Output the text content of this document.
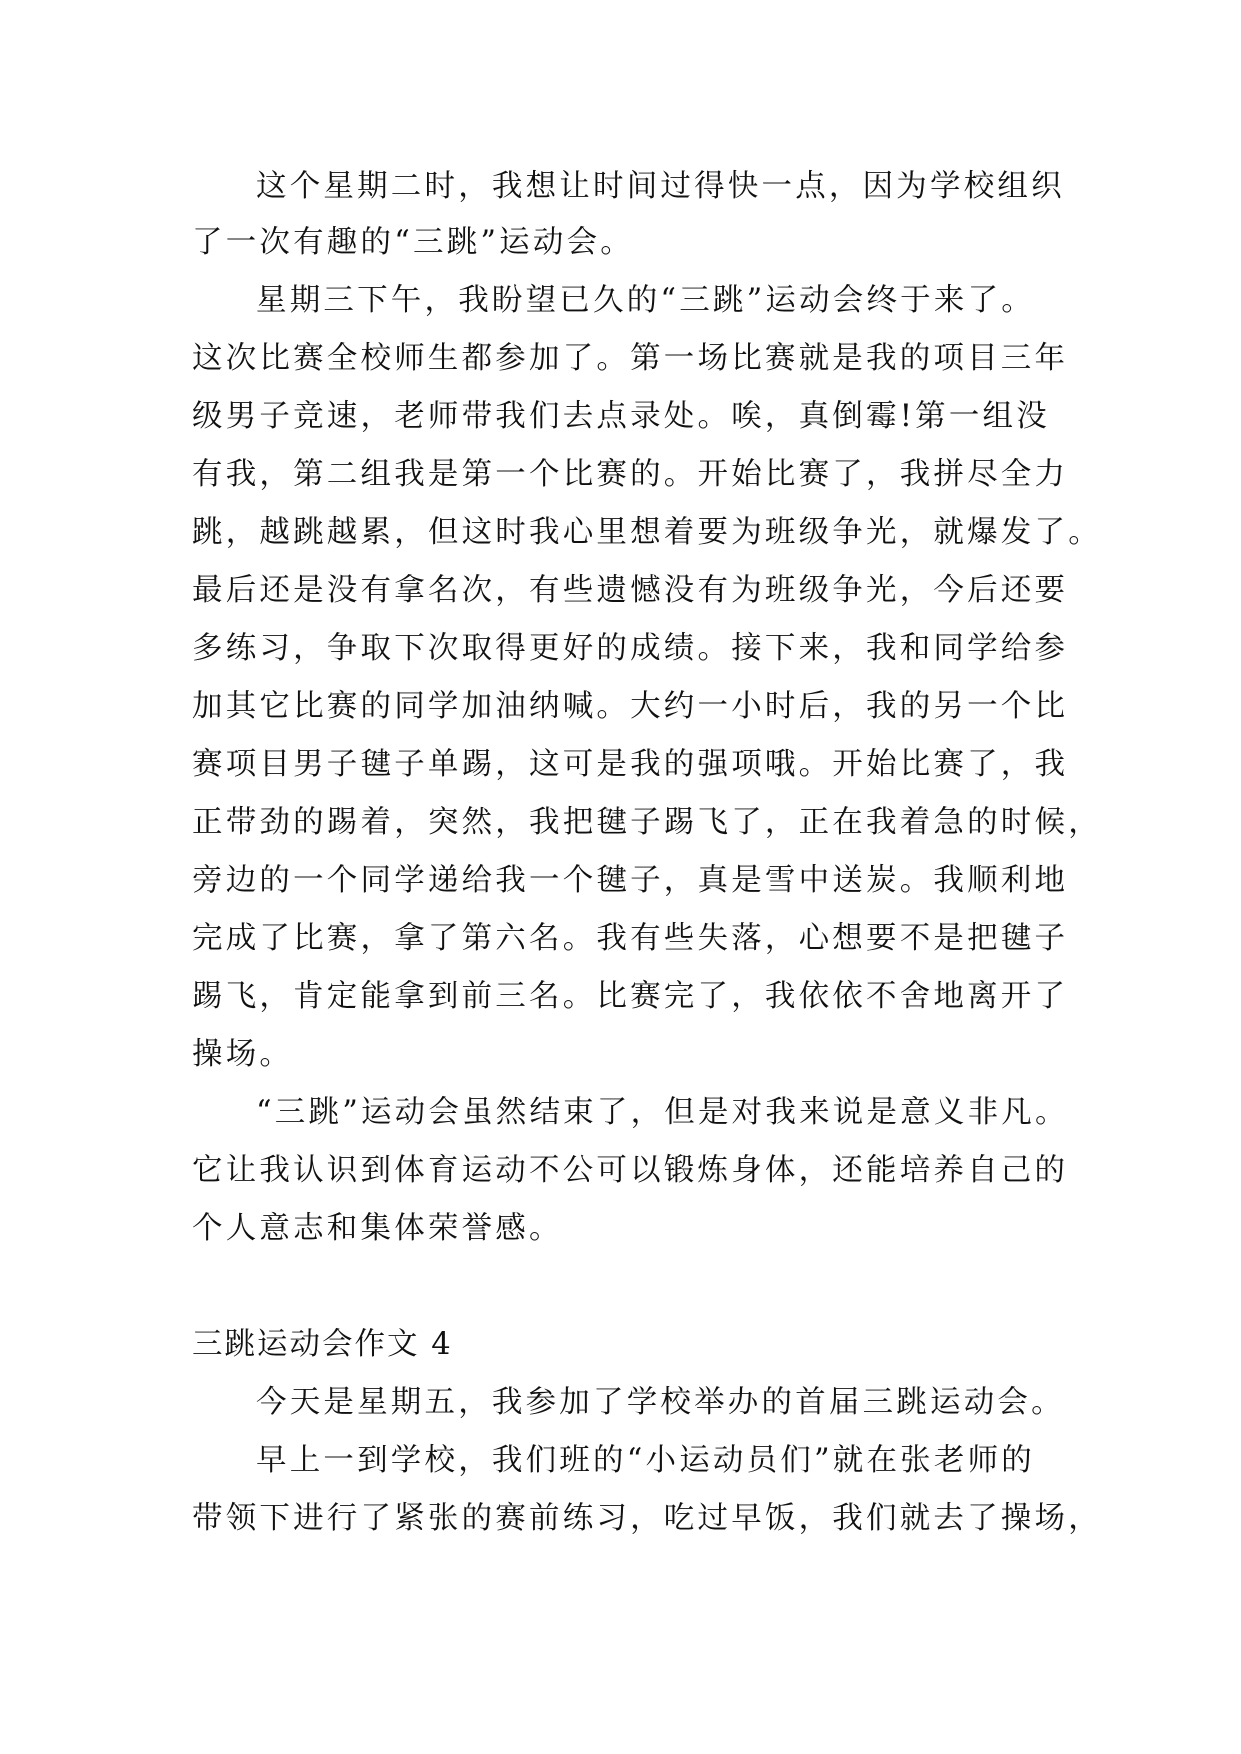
这个星期二时，我想让时间过得快一点，因为学校组织
了一次有趣的“三跳”运动会。
星期三下午，我盼望已久的“三跳”运动会终于来了。
这次比赛全校师生都参加了。第一场比赛就是我的项目三年
级男子竞速，老师带我们去点录处。唉，真倒霉!第一组没
有我，第二组我是第一个比赛的。开始比赛了，我拼尽全力
跳，越跳越累，但这时我心里想着要为班级争光，就爆发了。
最后还是没有拿名次，有些遗憾没有为班级争光，今后还要
多练习，争取下次取得更好的成绩。接下来，我和同学给参
加其它比赛的同学加油纳喊。大约一小时后，我的另一个比
赛项目男子毽子单踢，这可是我的强项哦。开始比赛了，我
正带劲的踢着，突然，我把毽子踢飞了，正在我着急的时候，
旁边的一个同学递给我一个毽子，真是雪中送炭。我顺利地
完成了比赛，拿了第六名。我有些失落，心想要不是把毽子
踢飞，肯定能拿到前三名。比赛完了，我依依不舍地离开了
操场。
“三跳”运动会虽然结束了，但是对我来说是意义非凡。
它让我认识到体育运动不公可以锻炼身体，还能培养自己的
个人意志和集体荣誉感。
三跳运动会作文 4
今天是星期五，我参加了学校举办的首届三跳运动会。
早上一到学校，我们班的“小运动员们”就在张老师的
带领下进行了紧张的赛前练习，吃过早饭，我们就去了操场，
